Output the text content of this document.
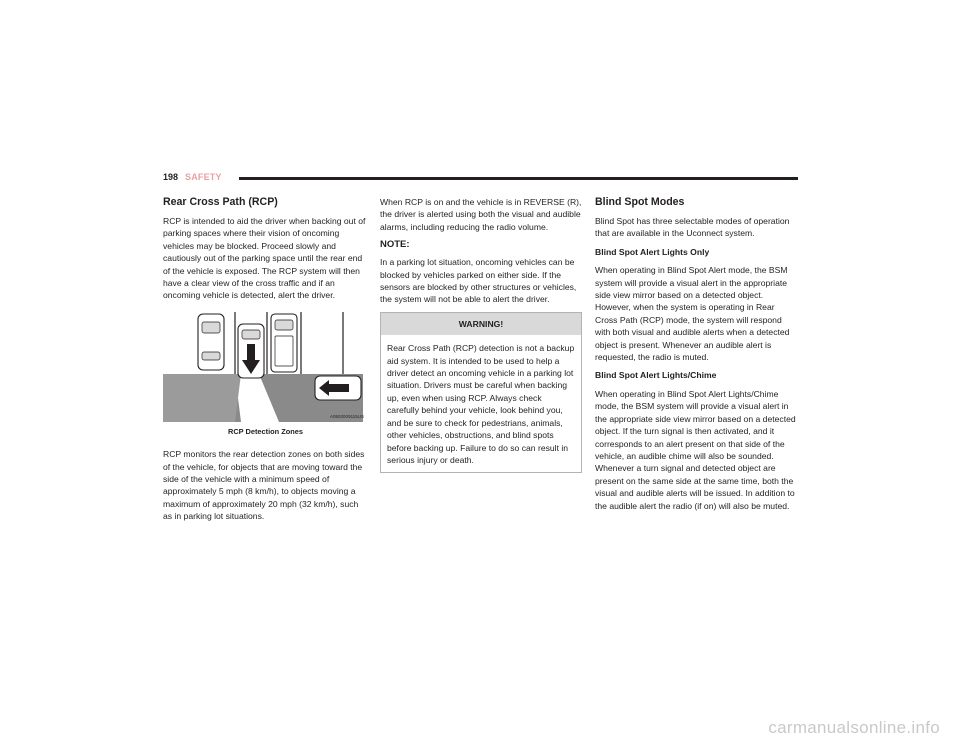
198 SAFETY
Rear Cross Path (RCP)

RCP is intended to aid the driver when backing out of parking spaces where their vision of oncoming vehicles may be blocked. Proceed slowly and cautiously out of the parking space until the rear end of the vehicle is exposed. The RCP system will then have a clear view of the cross traffic and if an oncoming vehicle is detected, alert the driver.

A0502009115US
RCP Detection Zones

RCP monitors the rear detection zones on both sides of the vehicle, for objects that are moving toward the side of the vehicle with a minimum speed of approximately 5 mph (8 km/h), to objects moving a maximum of approximately 20 mph (32 km/h), such as in parking lot situations.

When RCP is on and the vehicle is in REVERSE (R), the driver is alerted using both the visual and audible alarms, including reducing the radio volume.

NOTE:

In a parking lot situation, oncoming vehicles can be blocked by vehicles parked on either side. If the sensors are blocked by other structures or vehicles, the system will not be able to alert the driver.

WARNING!
Rear Cross Path (RCP) detection is not a backup aid system. It is intended to be used to help a driver detect an oncoming vehicle in a parking lot situation. Drivers must be careful when backing up, even when using RCP. Always check carefully behind your vehicle, look behind you, and be sure to check for pedestrians, animals, other vehicles, obstructions, and blind spots before backing up. Failure to do so can result in serious injury or death.
Blind Spot Modes

Blind Spot has three selectable modes of operation that are available in the Uconnect system.

Blind Spot Alert Lights Only

When operating in Blind Spot Alert mode, the BSM system will provide a visual alert in the appropriate side view mirror based on a detected object. However, when the system is operating in Rear Cross Path (RCP) mode, the system will respond with both visual and audible alerts when a detected object is present. Whenever an audible alert is requested, the radio is muted.

Blind Spot Alert Lights/Chime

When operating in Blind Spot Alert Lights/Chime mode, the BSM system will provide a visual alert in the appropriate side view mirror based on a detected object. If the turn signal is then activated, and it corresponds to an alert present on that side of the vehicle, an audible chime will also be sounded. Whenever a turn signal and detected object are present on the same side at the same time, both the visual and audible alerts will be issued. In addition to the audible alert the radio (if on) will also be muted.

carmanualsonline.info
